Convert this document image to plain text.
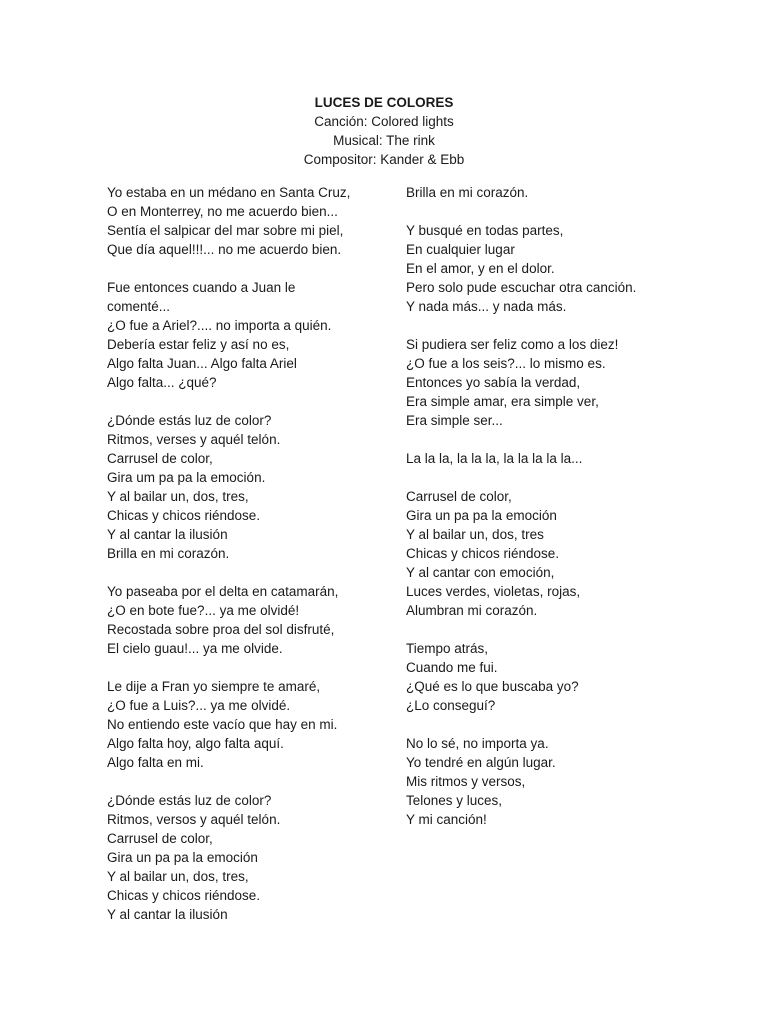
LUCES DE COLORES
Canción: Colored lights
Musical: The rink
Compositor: Kander & Ebb
Yo estaba en un médano en Santa Cruz,
O en Monterrey, no me acuerdo bien...
Sentía el salpicar del mar sobre mi piel,
Que día aquel!!!... no me acuerdo bien.
Fue entonces cuando a Juan le
comenté...
¿O fue a Ariel?.... no importa a quién.
Debería estar feliz y así no es,
Algo falta Juan... Algo falta Ariel
Algo falta... ¿qué?
¿Dónde estás luz de color?
Ritmos, verses y aquél telón.
Carrusel de color,
Gira um pa pa la emoción.
Y al bailar un, dos, tres,
Chicas y chicos riéndose.
Y al cantar la ilusión
Brilla en mi corazón.
Yo paseaba por el delta en catamarán,
¿O en bote fue?... ya me olvidé!
Recostada sobre proa del sol disfruté,
El cielo guau!... ya me olvide.
Le dije a Fran yo siempre te amaré,
¿O fue a Luis?... ya me olvidé.
No entiendo este vacío que hay en mi.
Algo falta hoy, algo falta aquí.
Algo falta en mi.
¿Dónde estás luz de color?
Ritmos, versos y aquél telón.
Carrusel de color,
Gira un pa pa la emoción
Y al bailar un, dos, tres,
Chicas y chicos riéndose.
Y al cantar la ilusión
Brilla en mi corazón.
Y busqué en todas partes,
En cualquier lugar
En el amor, y en el dolor.
Pero solo pude escuchar otra canción.
Y nada más... y nada más.
Si pudiera ser feliz como a los diez!
¿O fue a los seis?... lo mismo es.
Entonces yo sabía la verdad,
Era simple amar, era simple ver,
Era simple ser...
La la la, la la la, la la la la la...
Carrusel de color,
Gira un pa pa la emoción
Y al bailar un, dos, tres
Chicas y chicos riéndose.
Y al cantar con emoción,
Luces verdes, violetas, rojas,
Alumbran mi corazón.
Tiempo atrás,
Cuando me fui.
¿Qué es lo que buscaba yo?
¿Lo conseguí?
No lo sé, no importa ya.
Yo tendré en algún lugar.
Mis ritmos y versos,
Telones y luces,
Y mi canción!
